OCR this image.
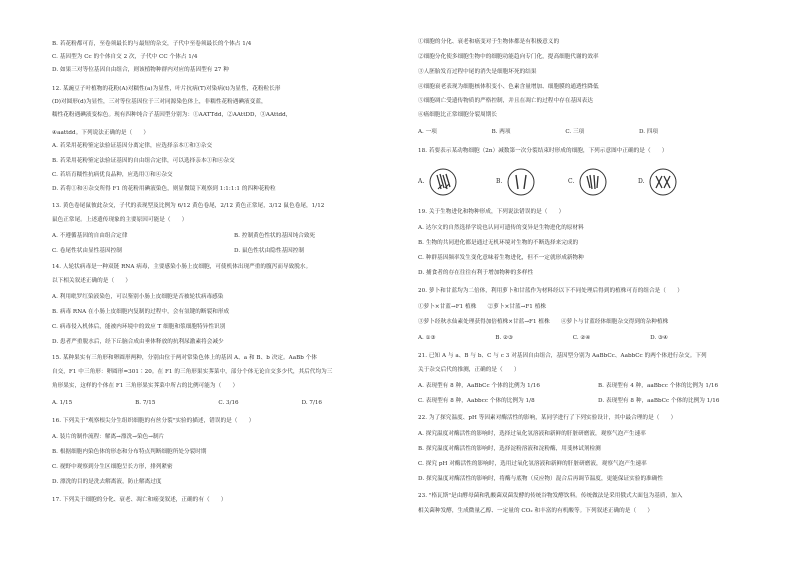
B. 若花粉都可育，至卷须最长的与最短的杂交，子代中至卷须最长的个体占 1/4
C. 基因型为 Cc 的个体自交 2 次，子代中 CC 个体占 1/4
D. 如果三对等位基因自由组合，则该植物种群内对应的基因型有 27 种
12. 某豌豆子叶植物的花粉(A)对糯性(a)为显性，叶片抗病(T)对染病(t)为显性，花粉粒长形
(D)对圆形(d)为显性，三对等位基因位于三对同源染色体上，非糯性花粉遇碘液变蓝，
糯性花粉遇碘液变棕色。现有四种纯合子基因型分别为：①AATTdd，②AAttDD，③AAttdd，
④aattdd。下列说法正确的是（　　）
A. 若采用花粉鉴定法验证基因分离定律，应选择亲本①和③杂交
B. 若采用花粉鉴定法验证基因的自由组合定律，可以选择亲本①和④杂交
C. 若培育糯性抗病优良品种，应选用①和④杂交
D. 若将①和④杂交所得 F1 的花粉用碘液染色，则显微镜下观察到 1:1:1:1 的四种花粉粒
13. 黄色卷尾鼠彼此杂交，子代的表现型及比例为 6/12 黄色卷尾，2/12 黄色正常尾，3/12 鼠色卷尾，1/12
鼠色正常尾。上述遗传现象的主要原因可能是（　　）
A. 不遵循基因的自由组合定律	B. 控制黄色性状的基因纯合致死
C. 卷尾性状由显性基因控制	D. 鼠色性状由隐性基因控制
14. 人轮状病毒是一种双链 RNA 病毒，主要感染小肠上皮细胞，可使机体出现严重的腹泻而导致脱水。
以下相关叙述正确的是（　　）
A. 利用吡罗红染液染色，可以鉴别小肠上皮细胞是否被轮状病毒感染
B. 病毒 RNA 在小肠上皮细胞内复制的过程中，会有氢键的断裂和形成
C. 病毒侵入机体后，能被内环境中的效应 T 细胞和浆细胞特异性识别
D. 患者严重脱水后，经下丘脑合成由垂体释放的抗利尿激素将会减少
15. 某种果实有三角形和卵圆形两种，分别由位于两对常染色体上的基因 A、a 和 B、b 决定。AaBb 个体
自交，F1 中三角形：卵圆形=301∶20。在 F1 的三角形果实荠菜中，部分个体无论自交多少代，其后代均为三
角形果实，这样的个体在 F1 三角形果实荠菜中所占的比例可能为（　　）
A. 1/15	B. 7/15	C. 3/16	D. 7/16
16. 下列关于"观察根尖分生组织细胞的有丝分裂"实验的描述，错误的是（　　）
A. 装片的制作流程：解离→漂洗→染色→制片
B. 根据细胞内染色体的形态和分布特点判断细胞所处分裂时期
C. 视野中观察到分生区细胞呈长方形，排列紧密
D. 漂洗的目的是洗去解离液，防止解离过度
17. 下列关于细胞的分化、衰老、凋亡和癌变叙述，正确的有（　　）
①细胞的分化、衰老和癌变对于生物体都是有积极意义的
②细胞分化使多细胞生物中的细胞功能趋向专门化，提高细胞代谢的效率
③人胚胎发育过程中尾的消失是细胞坏死的结果
④细胞衰老表现为细胞核体积变小、色素含量增加、细胞膜的通透性降低
⑤细胞凋亡受遗传物质的严格控制，并且在凋亡的过程中存在基因表达
⑥癌细胞比正常细胞分裂周期长
A. 一项	B. 两项	C. 三项	D. 四项
18. 若要表示某动物细胞（2n）减数第一次分裂结束时形成的细胞，下列示意图中正确的是（　　）
A.	B.	C.	D.
19. 关于生物进化和物种形成，下列说法错误的是（　　）
A. 达尔文的自然选择学说也认同可遗传的变异是生物进化的原材料
B. 生物的共同进化都是通过无机环境对生物的不断选择来完成的
C. 种群基因频率发生变化意味着生物进化，但不一定就形成新物种
D. 捕食者的存在往往有利于增加物种的多样性
20. 萝卜和甘蓝均为二倍体，利用萝卜和甘蓝作为材料经以下不同处理后得到的植株可育的组合是（　　）
①萝卜×甘蓝→F1 植株　　②萝卜×甘蓝→F1 植株
③萝卜经秋水仙素处理获得加倍植株×甘蓝→F1 植株　　④萝卜与甘蓝经体细胞杂交得到的杂种植株
A. ①③	B. ②③	C. ②④	D. ③④
21. 已知 A 与 a、B 与 b、C 与 c 3 对基因自由组合，基因型分别为 AaBbCc、AabbCc 的两个体进行杂交。下列
关于杂交后代的推测，正确的是（　　）
A. 表现型有 8 种，AaBbCc 个体的比例为 1/16	B. 表现型有 4 种，aaBbcc 个体的比例为 1/16
C. 表现型有 8 种，Aabbcc 个体的比例为 1/8	D. 表现型有 8 种，aaBbCc 个体的比例为 1/16
22. 为了探究温度、pH 等因素对酶活性的影响，某同学进行了下列实验设计，其中最合理的是（　　）
A. 探究温度对酶活性的影响时，选择过氧化氢溶液和新鲜的肝脏研磨液，观察气泡产生速率
B. 探究温度对酶活性的影响时，选择淀粉溶液和淀粉酶，用斐林试剂检测
C. 探究 pH 对酶活性的影响时，选用过氧化氢溶液和新鲜的肝脏研磨液，观察气泡产生速率
D. 探究温度对酶活性的影响时，将酶与底物（反应物）混合后再调节温度，更能保证实验的准确性
23. "格瓦斯"是由酵母菌和乳酸菌双菌发酵的传统谷物发酵饮料。传统做法是采用俄式大面包为基质，加入
相关菌种发酵，生成微量乙醇、一定量的 CO₂ 和丰富的有机酸等。下列叙述正确的是（　　）
